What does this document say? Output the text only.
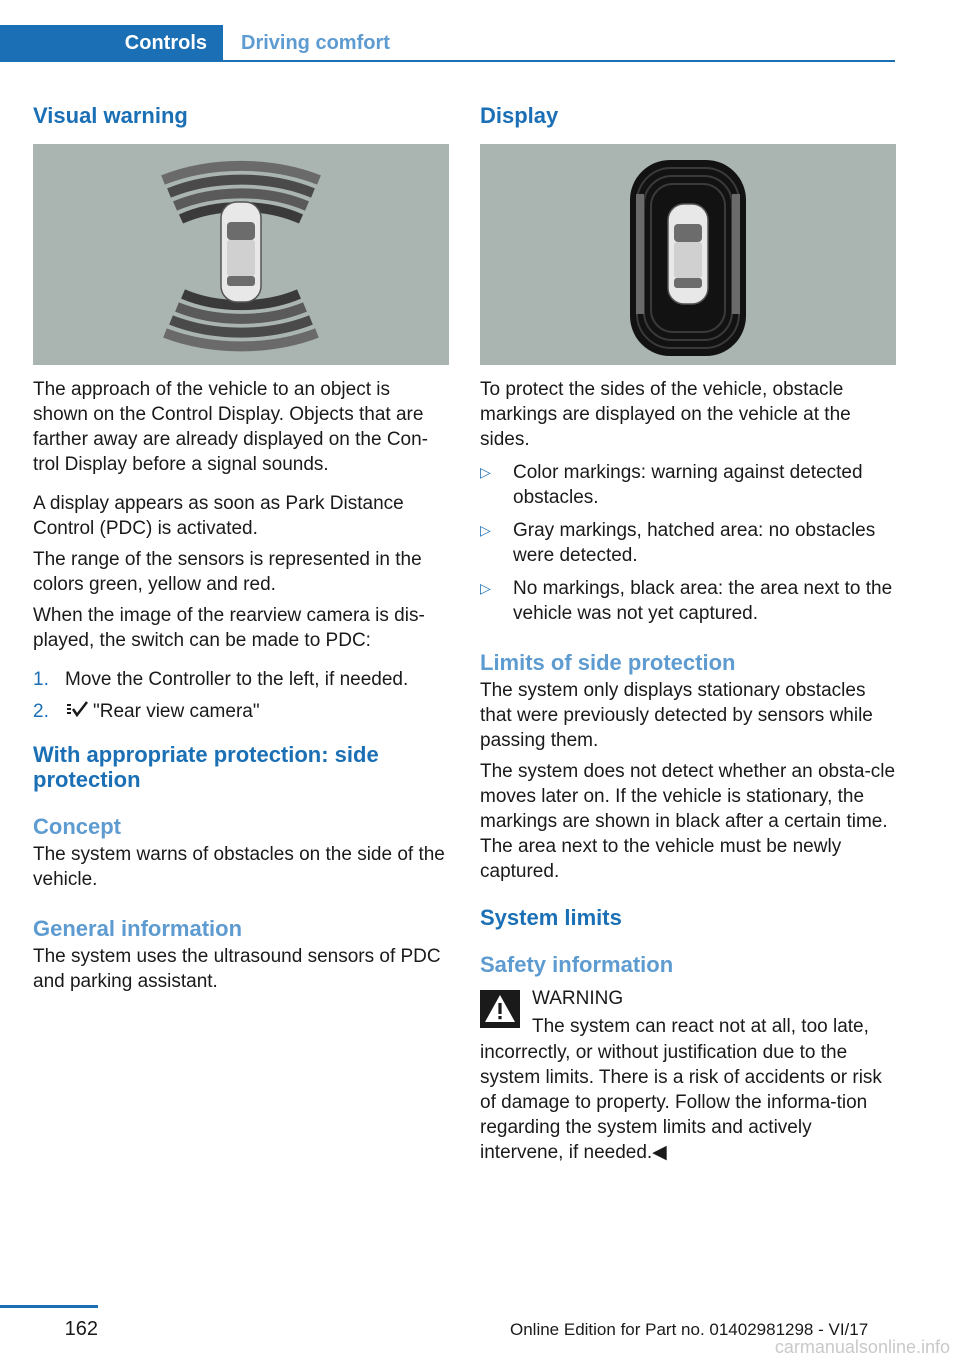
Controls	Driving comfort
Visual warning

The approach of the vehicle to an object is shown on the Control Display. Objects that are farther away are already displayed on the Con‐trol Display before a signal sounds.

A display appears as soon as Park Distance Control (PDC) is activated.

The range of the sensors is represented in the colors green, yellow and red.

When the image of the rearview camera is dis‐played, the switch can be made to PDC:

1. Move the Controller to the left, if needed.
2.	"Rear view camera"
With appropriate protection: side protection
Concept

The system warns of obstacles on the side of the vehicle.

General information

The system uses the ultrasound sensors of PDC and parking assistant.

Display

To protect the sides of the vehicle, obstacle markings are displayed on the vehicle at the sides.

▷	Color markings: warning against detected obstacles.
▷	Gray markings, hatched area: no obstacles were detected.
▷	No markings, black area: the area next to the vehicle was not yet captured.
Limits of side protection

The system only displays stationary obstacles that were previously detected by sensors while passing them.

The system does not detect whether an obsta‐cle moves later on. If the vehicle is stationary, the markings are shown in black after a certain time. The area next to the vehicle must be newly captured.

System limits
Safety information

WARNING

The system can react not at all, too late,

incorrectly, or without justification due to the system limits. There is a risk of accidents or risk of damage to property. Follow the informa‐tion regarding the system limits and actively intervene, if needed.◀

162	Online Edition for Part no. 01402981298 - VI/17
carmanualsonline.info
